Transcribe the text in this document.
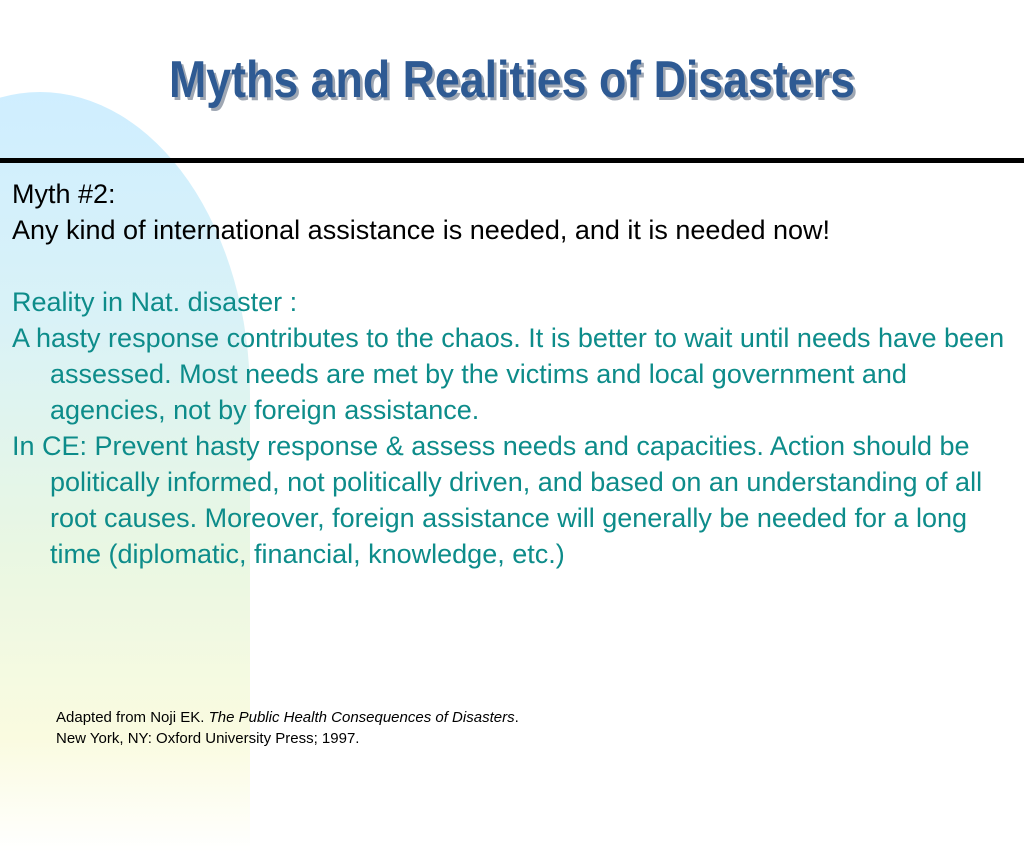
Myths and Realities of Disasters

Myth #2:

Any kind of international assistance is needed, and it is needed now!

Reality in Nat. disaster :

A hasty response contributes to the chaos. It is better to wait until needs have been assessed. Most needs are met by the victims and local government and agencies, not by foreign assistance.

In CE: Prevent hasty response & assess needs and capacities. Action should be politically informed, not politically driven, and based on an understanding of all root causes. Moreover, foreign assistance will generally be needed for a long time (diplomatic, financial, knowledge, etc.)

Adapted from Noji EK. The Public Health Consequences of Disasters.
New York, NY: Oxford University Press; 1997.
